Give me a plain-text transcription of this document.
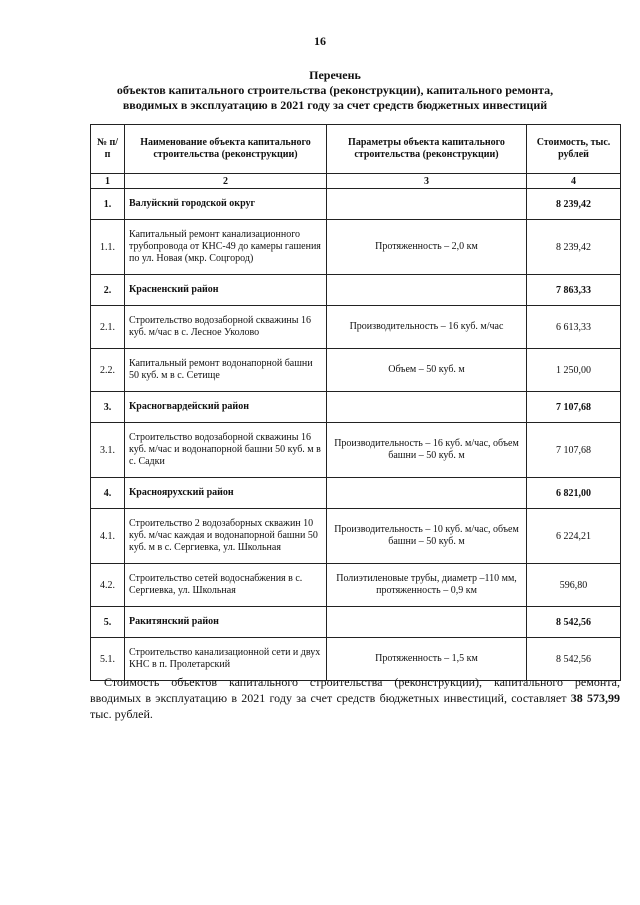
16
Перечень
объектов капитального строительства (реконструкции), капитального ремонта,
вводимых в эксплуатацию в 2021 году за счет средств бюджетных инвестиций
№ п/п	Наименование объекта капитального строительства (реконструкции)	Параметры объекта капитального строительства (реконструкции)	Стоимость, тыс. рублей
1	2	3	4
1.	Валуйский городской округ		8 239,42
1.1.	Капитальный ремонт канализационного трубопровода от КНС-49 до камеры гашения по ул. Новая (мкр. Соцгород)	Протяженность – 2,0 км	8 239,42
2.	Красненский район		7 863,33
2.1.	Строительство водозаборной скважины 16 куб. м/час в с. Лесное Уколово	Производительность – 16 куб. м/час	6 613,33
2.2.	Капитальный ремонт водонапорной башни 50 куб. м в с. Сетище	Объем – 50 куб. м	1 250,00
3.	Красногвардейский район		7 107,68
3.1.	Строительство водозаборной скважины 16 куб. м/час и водонапорной башни 50 куб. м в с. Садки	Производительность – 16 куб. м/час, объем башни – 50 куб. м	7 107,68
4.	Красноярухский район		6 821,00
4.1.	Строительство 2 водозаборных скважин 10 куб. м/час каждая и водонапорной башни 50 куб. м в с. Сергиевка, ул. Школьная	Производительность – 10 куб. м/час, объем башни – 50 куб. м	6 224,21
4.2.	Строительство сетей водоснабжения в с. Сергиевка, ул. Школьная	Полиэтиленовые трубы, диаметр –110 мм, протяженность – 0,9 км	596,80
5.	Ракитянский район		8 542,56
5.1.	Строительство канализационной сети и двух КНС в п. Пролетарский	Протяженность – 1,5 км	8 542,56
Стоимость объектов капитального строительства (реконструкции), капитального ремонта, вводимых в эксплуатацию в 2021 году за счет средств бюджетных инвестиций, составляет 38 573,99 тыс. рублей.
